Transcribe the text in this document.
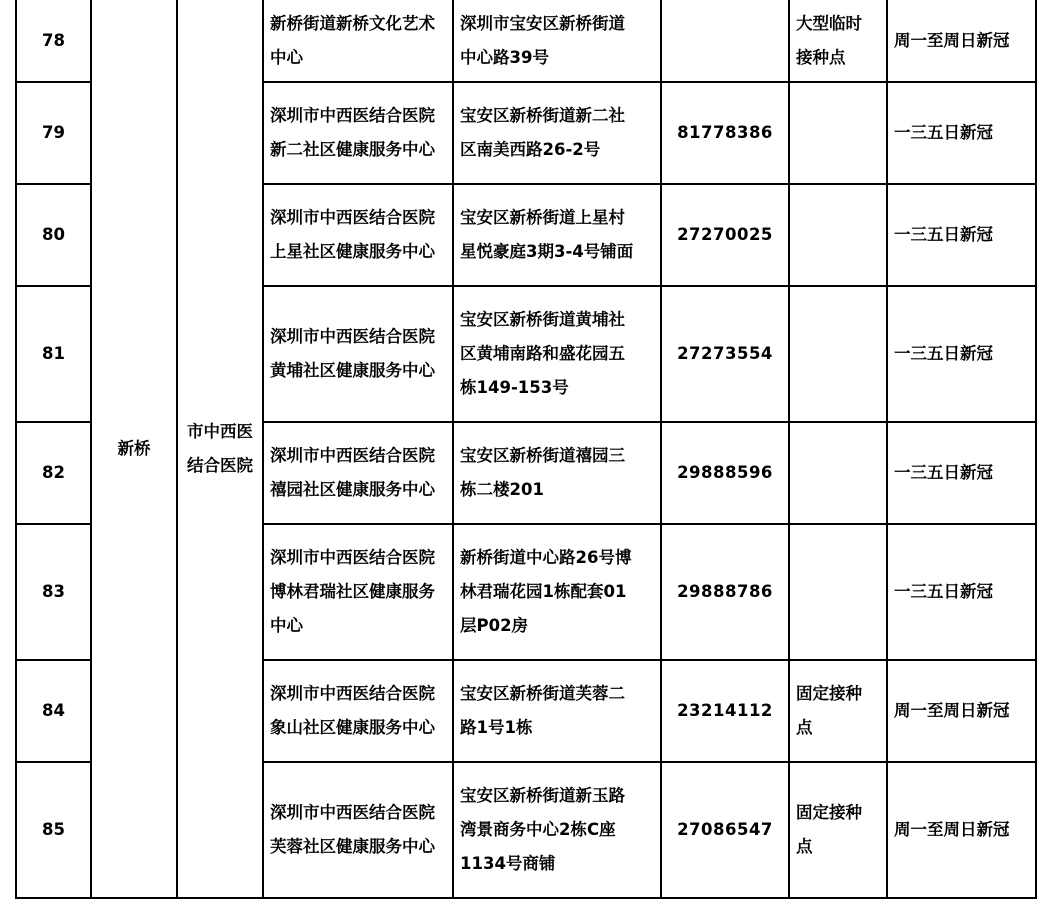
78	新桥	市中西医
结合医院	新桥街道新桥文化艺术
中心	深圳市宝安区新桥街道
中心路39号		大型临时
接种点	周一至周日新冠
79			深圳市中西医结合医院
新二社区健康服务中心	宝安区新桥街道新二社
区南美西路26-2号	81778386		一三五日新冠
80			深圳市中西医结合医院
上星社区健康服务中心	宝安区新桥街道上星村
星悦豪庭3期3-4号铺面	27270025		一三五日新冠
81			深圳市中西医结合医院
黄埔社区健康服务中心	宝安区新桥街道黄埔社
区黄埔南路和盛花园五
栋149-153号	27273554		一三五日新冠
82			深圳市中西医结合医院
禧园社区健康服务中心	宝安区新桥街道禧园三
栋二楼201	29888596		一三五日新冠
83			深圳市中西医结合医院
博林君瑞社区健康服务
中心	新桥街道中心路26号博
林君瑞花园1栋配套01
层P02房	29888786		一三五日新冠
84			深圳市中西医结合医院
象山社区健康服务中心	宝安区新桥街道芙蓉二
路1号1栋	23214112	固定接种
点	周一至周日新冠
85			深圳市中西医结合医院
芙蓉社区健康服务中心	宝安区新桥街道新玉路
湾景商务中心2栋C座
1134号商铺	27086547	固定接种
点	周一至周日新冠
